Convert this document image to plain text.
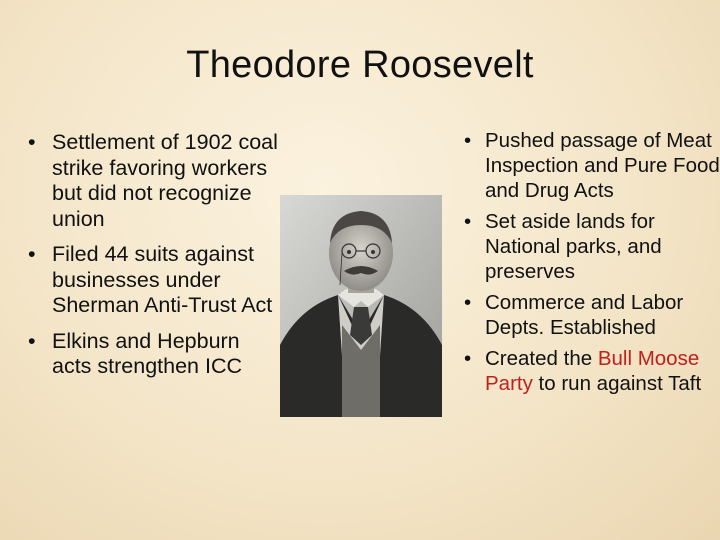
Theodore Roosevelt
• Settlement of 1902 coal strike favoring workers but did not recognize union
• Filed 44 suits against businesses under Sherman Anti-Trust Act
• Elkins and Hepburn acts strengthen ICC
• Pushed passage of Meat Inspection and Pure Food and Drug Acts
• Set aside lands for National parks, and preserves
• Commerce and Labor Depts. Established
• Created the Bull Moose Party to run against Taft
